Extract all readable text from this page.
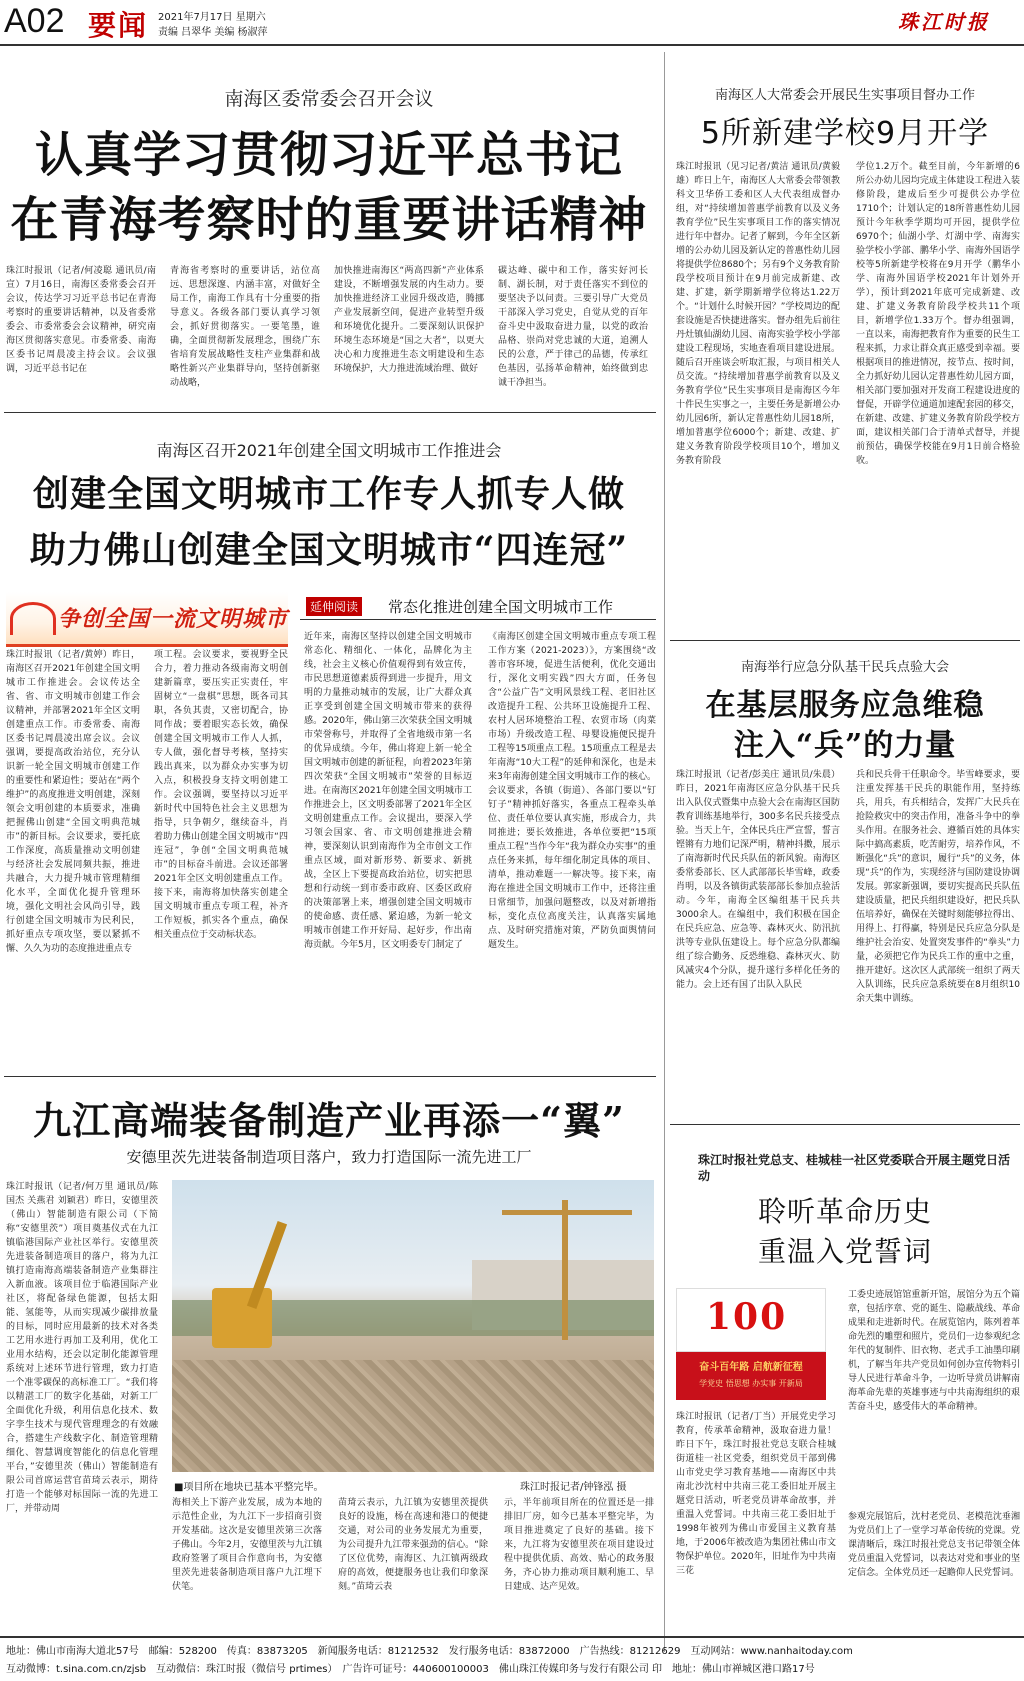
A02 要闻 2021年7月17日 星期六
责编 吕翠华 美编 杨淑萍	珠江时报
南海区委常委会召开会议
认真学习贯彻习近平总书记
在青海考察时的重要讲话精神
珠江时报讯（记者/何凌聪 通讯员/南宣）7月16日，南海区委常委会召开会议，传达学习习近平总书记在青海考察时的重要讲话精神，以及省委常委会、市委常委会会议精神，研究南海区贯彻落实意见。市委常委、南海区委书记周晨凌主持会议。会议强调，习近平总书记在
青海省考察时的重要讲话，站位高远、思想深邃、内涵丰富，对做好全局工作，南海工作具有十分重要的指导意义。各级各部门要认真学习领会，抓好贯彻落实。一要笔墨，谁确，全面贯彻新发展理念，围绕广东省培育发展战略性支柱产业集群和战略性新兴产业集群导向，坚持创新驱动战略，
加快推进南海区“两高四新”产业体系建设，不断增强发展的内生动力。要加快推进经济工业园升级改造，腾挪产业发展新空间，促进产业转型升级和环境优化提升。二要深刻认识保护环境生态环境是“国之大者”，以更大决心和力度推进生态文明建设和生态环境保护，大力推进流域治理、做好
碳达峰、碳中和工作，落实好河长制、湖长制，对于责任落实不到位的要坚决予以问责。三要引导广大党员干部深入学习党史，自觉从党的百年奋斗史中汲取奋进力量，以党的政治品格、崇尚对党忠诚的大道，追溯人民的公意，严于律己的品德，传承红色基因，弘扬革命精神，始终做到忠诚干净担当。
南海区人大常委会开展民生实事项目督办工作
5所新建学校9月开学
珠江时报讯（见习记者/黄洁 通讯员/黄毅雄）昨日上午，南海区人大常委会带领教科文卫华侨工委和区人大代表组成督办组，对“持续增加普惠学前教育以及义务教育学位”民生实事项目工作的落实情况进行年中督办。记者了解到，今年全区新增的公办幼儿园及新认定的普惠性幼儿园将提供学位8680个；另有9个义务教育阶段学校项目预计在9月前完成新建、改建、扩建，新学期新增学位将达1.22万个。“计划什么时候开园？”学校周边的配套设施是否快捷进落实。督办组先后前往丹灶镇仙湖幼儿园、南海实验学校小学部建设工程现场，实地查看项目建设进展。随后召开座谈会听取汇报，与项目相关人员交流。“持续增加普惠学前教育以及义务教育学位”民生实事项目是南海区今年十件民生实事之一，主要任务是新增公办幼儿园6所，新认定普惠性幼儿园18所，增加普惠学位6000个；新建、改建、扩建义务教育阶段学校项目10个，增加义务教育阶段
学位1.2万个。截至目前，今年新增的6所公办幼儿园均完成主体建设工程进入装修阶段，建成后至少可提供公办学位1710个；计划认定的18所普惠性幼儿园预计今年秋季学期均可开园，提供学位6970个；仙湖小学、灯湖中学、南海实验学校小学部、鹏华小学、南海外国语学校等5所新建学校将在9月开学（鹏华小学、南海外国语学校2021年计划外开学），预计到2021年底可完成新建、改建、扩建义务教育阶段学校共11个项目，新增学位1.33万个。督办组强调，一直以来，南海把教育作为重要的民生工程来抓，力求让群众真正感受到幸福。要根据项目的推进情况，按节点、按时间，全力抓好幼儿园认定普惠性幼儿园方面，相关部门要加强对开发商工程建设进度的督促，开辟学位通道加速配套园的移交，在新建、改建、扩建义务教育阶段学校方面，建议相关部门合于清单式督导，并提前预估，确保学校能在9月1日前合格验收。
南海区召开2021年创建全国文明城市工作推进会
创建全国文明城市工作专人抓专人做
助力佛山创建全国文明城市“四连冠”
争创全国一流文明城市	延伸阅读 常态化推进创建全国文明城市工作
珠江时报讯（记者/黄婷）昨日，南海区召开2021年创建全国文明城市工作推进会。会议传达全省、省、市文明城市创建工作会议精神，并部署2021年全区文明创建重点工作。市委常委、南海区委书记周晨凌出席会议。会议强调，要提高政治站位，充分认识新一轮全国文明城市创建工作的重要性和紧迫性；要站在“两个维护”的高度推进文明创建，深刻领会文明创建的本质要求，准确把握佛山创建“全国文明典范城市”的新目标。会议要求，要托底工作深度，高质量推动文明创建与经济社会发展同频共振，推进共融合，大力提升城市管理精细化水平，全面优化提升管理环境，强化文明社会风尚引导，践行创建全国文明城市为民利民，抓好重点专项攻坚，要以紧抓不懈、久久为功的态度推进重点专
项工程。会议要求，要视野全民合力，着力推动各级南海文明创建新篇章，要压实正实责任，牢固树立“一盘棋”思想，既各司其职，各负其责，又密切配合，协同作战；要着眼实态长效，确保创建全国文明城市工作人人抓，专人做，强化督导考核，坚持实践出真来，以为群众办实事为切入点，积极投身支持文明创建工作。会议强调，要坚持以习近平新时代中国特色社会主义思想为指导，只争朝夕，继续奋斗，肖着助力佛山创建全国文明城市“四连冠”，争创“全国文明典范城市”的目标奋斗前进。会议还部署2021年全区文明创建重点工作。接下来，南海将加快落实创建全国文明城市重点专项工程，补齐工作短板，抓实各个重点，确保相关重点位于交动标状态。
近年来，南海区坚持以创建全国文明城市常态化、精细化、一体化，品牌化为主线，社会主义核心价值观得到有效宣传，市民思想道德素质得到进一步提升，用文明的力量推动城市的发展，让广大群众真正享受到创建全国文明城市带来的获得感。2020年，佛山第三次荣获全国文明城市荣誉称号，并取得了全省地级市第一名的优异成绩。今年，佛山将迎上新一轮全国文明城市创建的新征程，向着2023年第四次荣获“全国文明城市”荣誉的目标迈进。在南海区2021年创建全国文明城市工作推进会上，区文明委部署了2021年全区文明创建重点工作。会议提出，要深入学习领会国家、省、市文明创建推进会精神，要深刻认识到南海作为全市创文工作重点区域，面对新形势、新要求、新挑战，全区上下要提高政治站位，切实把思想和行动统一到市委市政府、区委区政府的决策部署上来，增强创建全国文明城市的使命感、责任感、紧迫感，为新一轮文明城市创建工作开好局、起好步，作出南海贡献。今年5月，区文明委专门制定了
《南海区创建全国文明城市重点专项工程工作方案（2021-2023）》，方案围绕“改善市容环境，促进生活便利，优化交通出行，深化文明实践”四大方面，任务包含“公益广告”文明风景线工程、老旧社区改造提升工程、公共环卫设施提升工程、农村人居环境整治工程、农贸市场（肉菜市场）升级改造工程、母婴设施便民提升工程等15项重点工程。15项重点工程是去年南海“10大工程”的延伸和深化，也是未来3年南海创建全国文明城市工作的核心。会议要求，各镇（街道）、各部门要以“钉钉子”精神抓好落实，各重点工程牵头单位、责任单位要认真实施，形成合力，共同推进；要长效推进，各单位要把“15项重点工程”当作今年“我为群众办实事”的重点任务来抓，每年细化制定具体的项目、清单，推动难题一一解决等。接下来，南海在推进全国文明城市工作中，还将注重日常细节，加强问题整改，以及对新增指标，变化点位高度关注，认真落实属地点、及时研究措施对策，严防负面舆情问题发生。
南海举行应急分队基干民兵点验大会
在基层服务应急维稳
注入“兵”的力量
珠江时报讯（记者/彭美庄 通讯员/朱晨）昨日，2021年南海区应急分队基干民兵出入队仪式暨集中点验大会在南海区国防教育训练基地举行，300多名民兵接受点验。当天上午，全体民兵庄严宣誓，誓言铿锵有力地们记深严明，精神抖擞，展示了南海新时代民兵队伍的新风貌。南海区委常委部长、区人武部部长毕雪峰，政委肖明，以及各镇街武装部部长参加点验活动。今年，南海全区编组基干民兵共3000余人。在编组中，我们积极在国企在民兵应急、应急等、森林灭火、防汛抗洪等专业队伍建设上。每个应急分队都编组了综合勤务、反恐维稳、森林灭火、防风减灾4个分队，提升遂行多样化任务的能力。会上还有国了出队入队民
兵和民兵骨干任职命令。毕雪峰要求，要注重发挥基干民兵的职能作用，坚持练兵，用兵，有兵相结合，发挥广大民兵在抢险救灾中的突击作用，准备斗争中的拳头作用。在服务社会、遵循百姓的具体实际中搞高素质，吃苦耐劳，培养作风，不断强化“兵”的意识，履行“兵”的义务，体现“兵”的作为，实现经济与国防建设协调发展。郭家新强调，要切实提高民兵队伍建设质量，把民兵组织建设好，把民兵队伍培养好，确保在关键时刻能够拉得出、用得上、打得赢，特别是民兵应急分队是维护社会治安、处置突发事件的“拳头”力量，必须把它作为民兵工作的重中之重，推开建好。这次区人武部统一组织了两天入队训练，民兵应急系统要在8月组织10余天集中训练。
九江高端装备制造产业再添一“翼”
安德里茨先进装备制造项目落户，致力打造国际一流先进工厂
珠江时报讯（记者/何万里 通讯员/陈国杰 关燕君 刘颖君）昨日，安德里茨（佛山）智能制造有限公司（下简称“安德里茨”）项目奠基仪式在九江镇临港国际产业社区举行。安德里茨先进装备制造项目的落户，将为九江镇打造南海高端装备制造产业集群注入新血液。该项目位于临港国际产业社区，将配备绿色能源，包括太阳能、氢能等，从而实现减少碳排放量的目标，同时应用最新的技术对各类工艺用水进行再加工及利用，优化工业用水结构，还会以定制化能源管理系统对上述环节进行管理，致力打造一个准零碳保的高标准工厂。“我们将以精湛工厂的数字化基础，对新工厂全面优化升级，利用信息化技术、数字孪生技术与现代管理理念的有效融合，搭建生产线数字化、制造管理精细化、智慧调度智能化的信息化管理平台，”安德里茨（佛山）智能制造有限公司首席运营官苗琦云表示，期待打造一个能够对标国际一流的先进工厂，并带动周
■项目所在地块已基本平整完毕。	珠江时报记者/钟锋泓 摄
海相关上下游产业发展，成为本地的示范性企业，为九江下一步招商引资开发基础。这次是安德里茨第三次落子佛山。今年2月，安德里茨与九江镇政府签署了项目合作意向书，为安德里茨先进装备制造项目落户九江埋下伏笔。
苗琦云表示，九江镇为安德里茨提供良好的设施，杨在高速和港口的便捷交通，对公司的业务发展尤为重要，为公司提升九江带来强劲的信心。“除了区位优势，南海区、九江镇两级政府的高效，便捷服务也让我们印象深刻。”苗琦云表
示，半年前项目所在的位置还是一排排旧厂房，如今已基本平整完毕，为项目推进奠定了良好的基础。接下来，九江将为安德里茨在项目建设过程中提供优质、高效、贴心的政务服务，齐心协力推动项目顺利施工、早日建成、达产见效。
珠江时报社党总支、桂城桂一社区党委联合开展主题党日活动
聆听革命历史
重温入党誓词
100
奋斗百年路 启航新征程
学党史 悟思想 办实事 开新局
工委史迹展馆馆重新开馆，展馆分为五个篇章，包括序章、党的诞生、隐蔽战线、革命成果和走进新时代。在展览馆内，陈列着革命先烈的雕塑和照片，党员们一边参观纪念年代的复制件、旧衣物、老式手工油墨印刷机，了解当年共产党员如何创办宣传物料引导人民进行革命斗争，一边听导赏员讲解南海革命先辈的英雄事迹与中共南海组织的艰苦奋斗史，感受伟大的革命精神。
珠江时报讯（记者/丁当）开展党史学习教育，传承革命精神，汲取奋进力量！昨日下午，珠江时报社党总支联合桂城街道桂一社区党委，组织党员干部到佛山市党史学习教育基地——南海区中共南北沙沈村中共南三花工委旧址开展主题党日活动，听老党员讲革命故事，并重温入党誓词。中共南三花工委旧址于1998年被列为佛山市爱国主义教育基地，于2006年被改造为集团社佛山市文物保护单位。2020年，旧址作为中共南三花
参观完展馆后，沈村老党员、老模范沈垂湘为党员们上了一堂学习革命传统的党课。党课清晰后，珠江时报社党总支书记带领全体党员重温入党誓词，以表达对党和事业的坚定信念。全体党员还一起瞻仰人民党誓词。
地址：佛山市南海大道北57号　邮编：528200　传真：83873205　新闻服务电话：81212532　发行服务电话：83872000　广告热线：81212629　互动网站：www.nanhaitoday.com
互动微博：t.sina.com.cn/zjsb　互动微信：珠江时报（微信号 prtimes）　广告许可证号：440600100003　佛山珠江传媒印务与发行有限公司 印　地址：佛山市禅城区港口路17号
